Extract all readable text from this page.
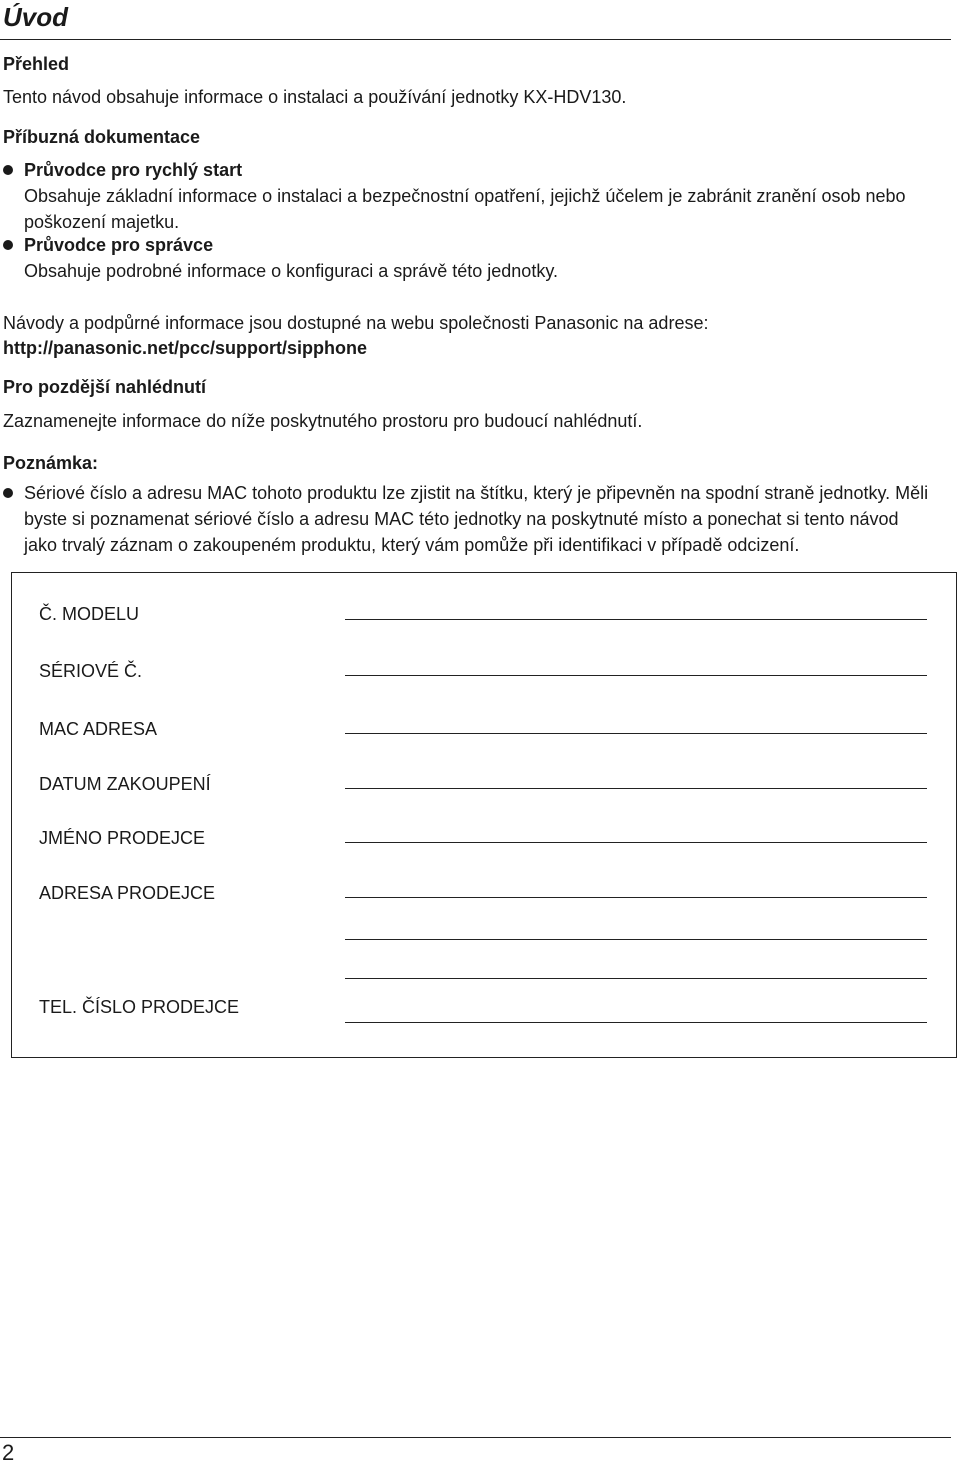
Úvod
Přehled

Tento návod obsahuje informace o instalaci a používání jednotky KX-HDV130.

Příbuzná dokumentace
Průvodce pro rychlý start
Obsahuje základní informace o instalaci a bezpečnostní opatření, jejichž účelem je zabránit zranění osob nebo
poškození majetku.
Průvodce pro správce
Obsahuje podrobné informace o konfiguraci a správě této jednotky.

Návody a podpůrné informace jsou dostupné na webu společnosti Panasonic na adrese:

http://panasonic.net/pcc/support/sipphone
Pro pozdější nahlédnutí

Zaznamenejte informace do níže poskytnutého prostoru pro budoucí nahlédnutí.

Poznámka:
Sériové číslo a adresu MAC tohoto produktu lze zjistit na štítku, který je připevněn na spodní straně jednotky. Měli
byste si poznamenat sériové číslo a adresu MAC této jednotky na poskytnuté místo a ponechat si tento návod
jako trvalý záznam o zakoupeném produktu, který vám pomůže při identifikaci v případě odcizení.
Č. MODELU
SÉRIOVÉ Č.
MAC ADRESA
DATUM ZAKOUPENÍ
JMÉNO PRODEJCE
ADRESA PRODEJCE
TEL. ČÍSLO PRODEJCE
2
